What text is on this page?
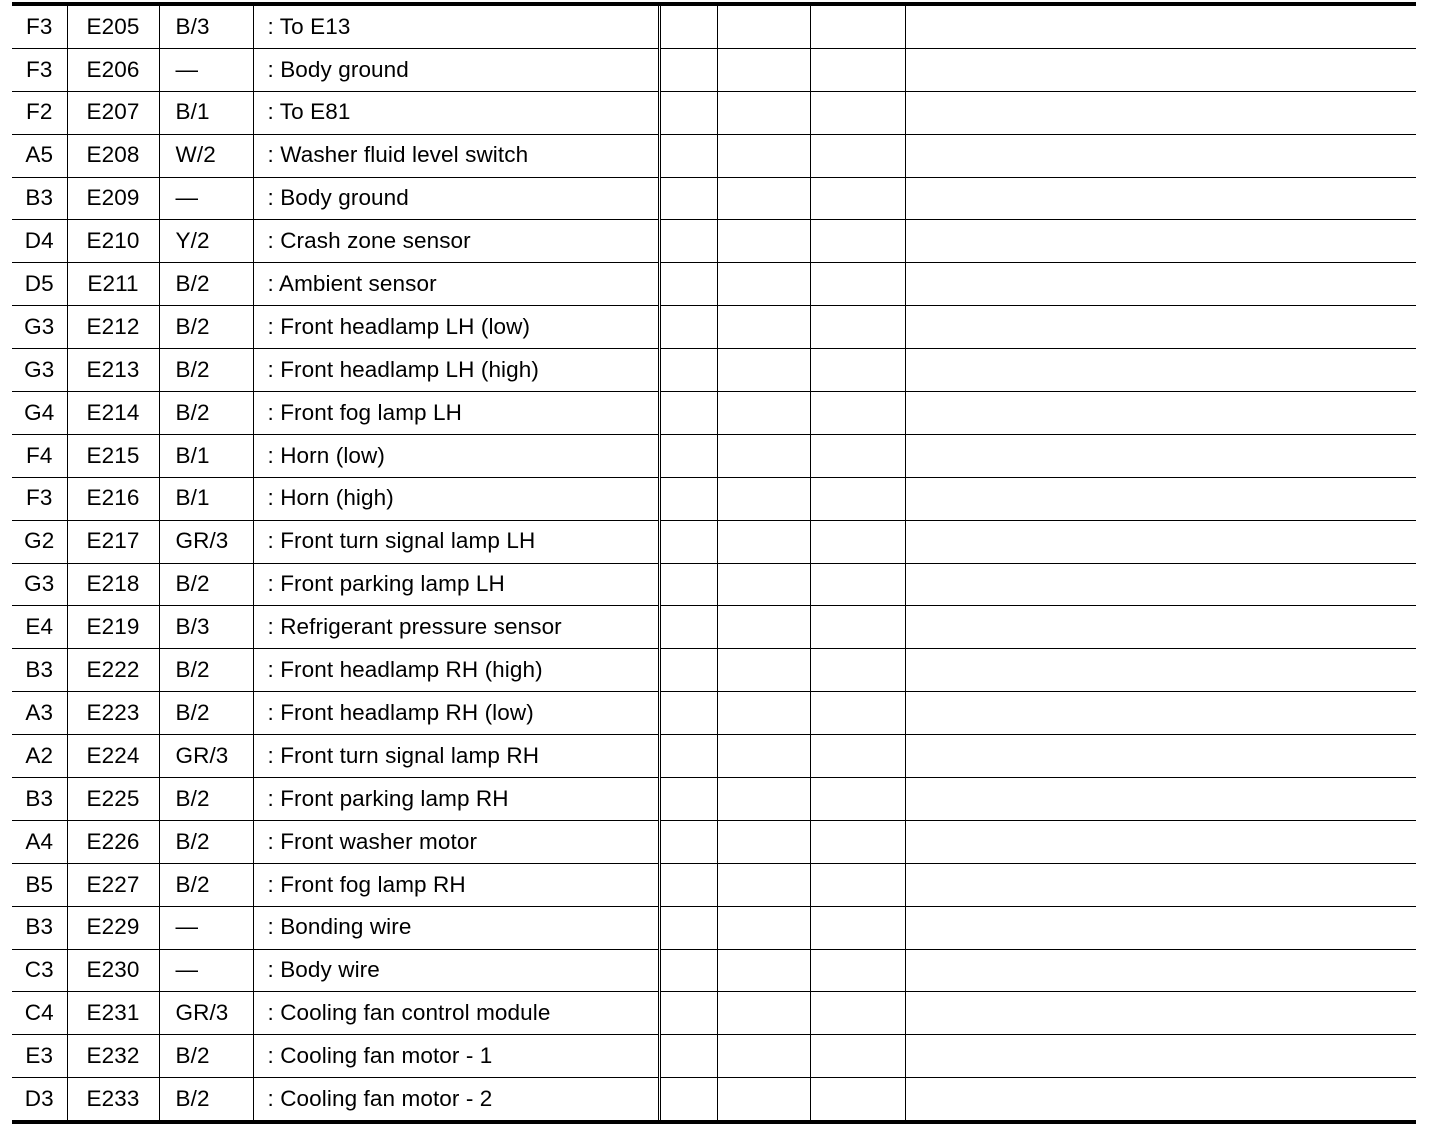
F3	E205	B/3	: To E13				
F3	E206	—	: Body ground				
F2	E207	B/1	: To E81				
A5	E208	W/2	: Washer fluid level switch				
B3	E209	—	: Body ground				
D4	E210	Y/2	: Crash zone sensor				
D5	E211	B/2	: Ambient sensor				
G3	E212	B/2	: Front headlamp LH (low)				
G3	E213	B/2	: Front headlamp LH (high)				
G4	E214	B/2	: Front fog lamp LH				
F4	E215	B/1	: Horn (low)				
F3	E216	B/1	: Horn (high)				
G2	E217	GR/3	: Front turn signal lamp LH				
G3	E218	B/2	: Front parking lamp LH				
E4	E219	B/3	: Refrigerant pressure sensor				
B3	E222	B/2	: Front headlamp RH (high)				
A3	E223	B/2	: Front headlamp RH (low)				
A2	E224	GR/3	: Front turn signal lamp RH				
B3	E225	B/2	: Front parking lamp RH				
A4	E226	B/2	: Front washer motor				
B5	E227	B/2	: Front fog lamp RH				
B3	E229	—	: Bonding wire				
C3	E230	—	: Body wire				
C4	E231	GR/3	: Cooling fan control module				
E3	E232	B/2	: Cooling fan motor - 1				
D3	E233	B/2	: Cooling fan motor - 2				
